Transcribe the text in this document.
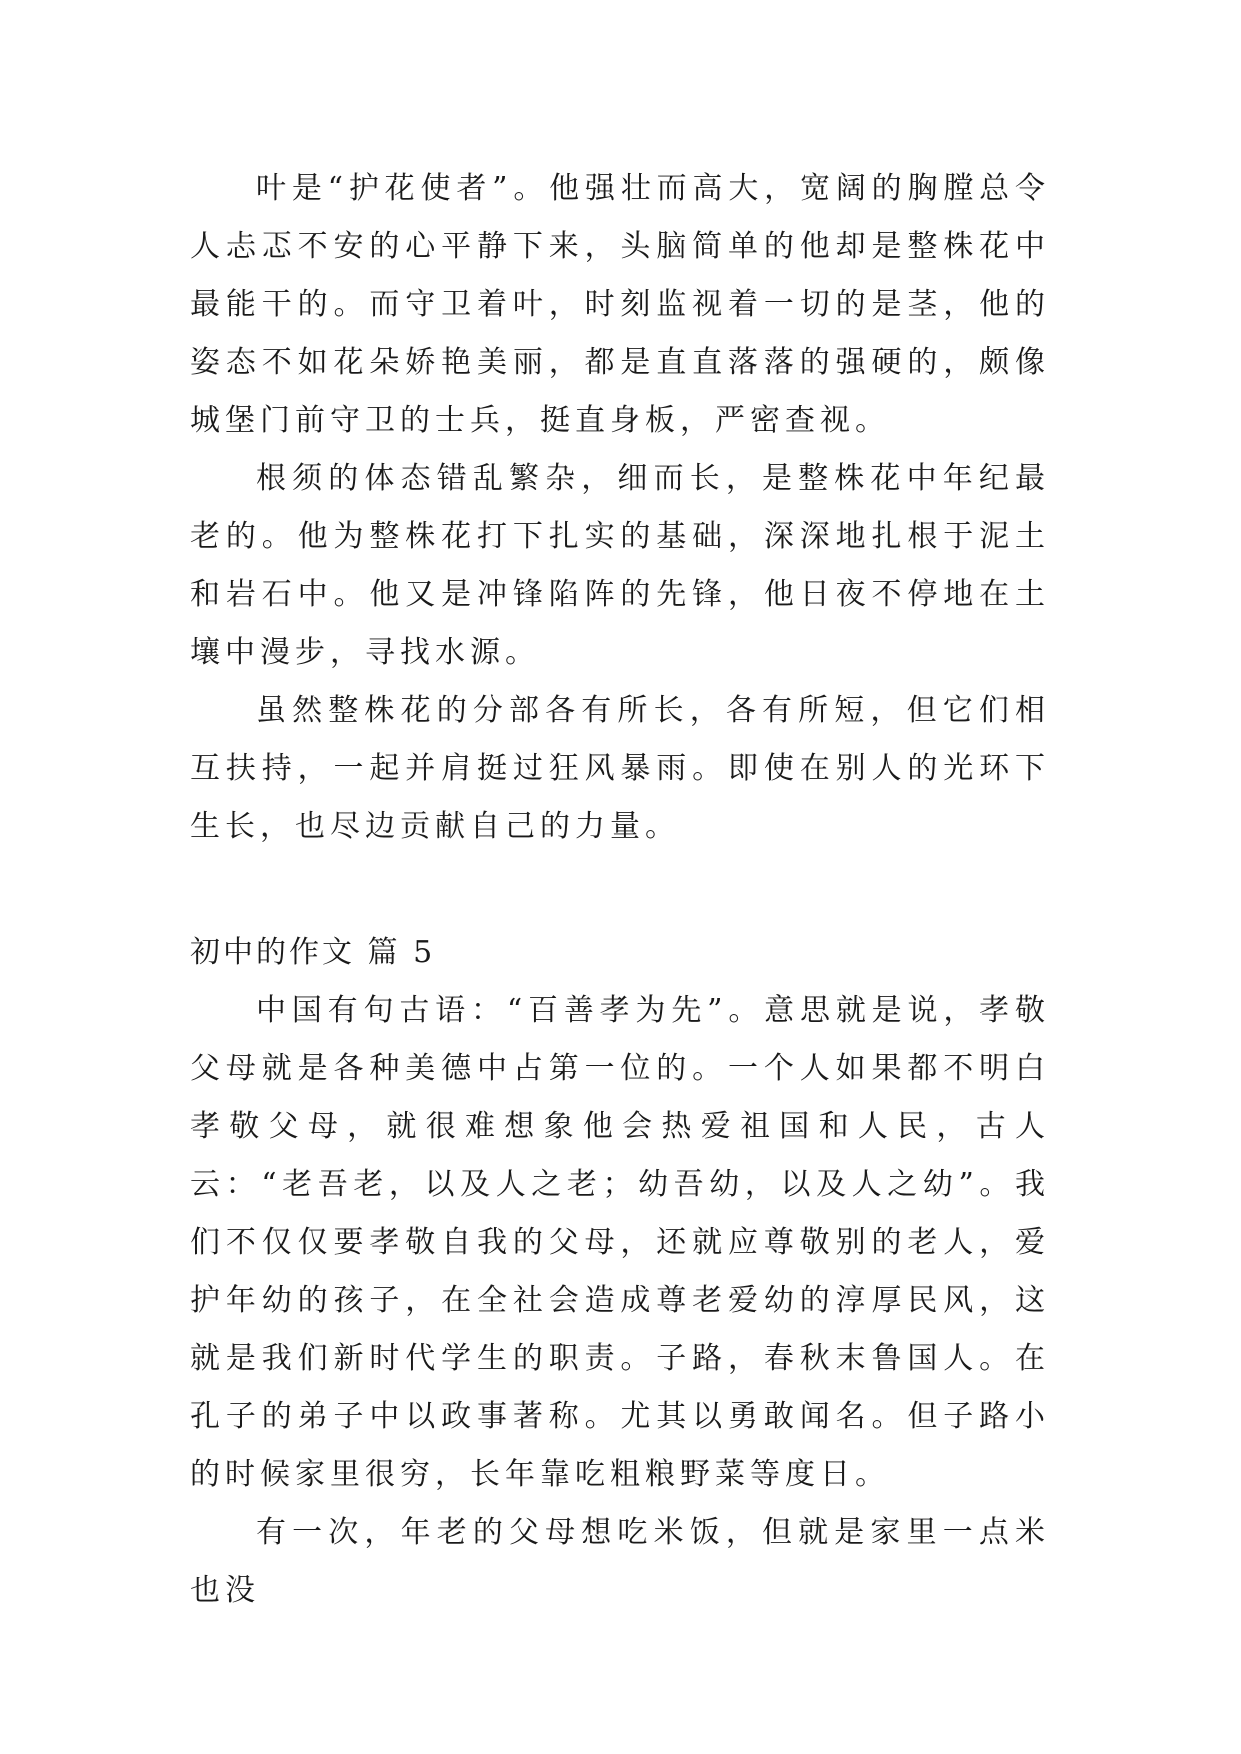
叶是“护花使者”。他强壮而高大，宽阔的胸膛总令人忐忑不安的心平静下来，头脑简单的他却是整株花中最能干的。而守卫着叶，时刻监视着一切的是茎，他的姿态不如花朵娇艳美丽，都是直直落落的强硬的，颇像城堡门前守卫的士兵，挺直身板，严密查视。

根须的体态错乱繁杂，细而长，是整株花中年纪最老的。他为整株花打下扎实的基础，深深地扎根于泥土和岩石中。他又是冲锋陷阵的先锋，他日夜不停地在土壤中漫步，寻找水源。

虽然整株花的分部各有所长，各有所短，但它们相互扶持，一起并肩挺过狂风暴雨。即使在别人的光环下生长，也尽边贡献自己的力量。

初中的作文 篇 5

中国有句古语：“百善孝为先”。意思就是说，孝敬父母就是各种美德中占第一位的。一个人如果都不明白孝敬父母，就很难想象他会热爱祖国和人民，古人云：“老吾老，以及人之老；幼吾幼，以及人之幼”。我们不仅仅要孝敬自我的父母，还就应尊敬别的老人，爱护年幼的孩子，在全社会造成尊老爱幼的淳厚民风，这就是我们新时代学生的职责。子路，春秋末鲁国人。在孔子的弟子中以政事著称。尤其以勇敢闻名。但子路小的时候家里很穷，长年靠吃粗粮野菜等度日。

有一次，年老的父母想吃米饭，但就是家里一点米也没
